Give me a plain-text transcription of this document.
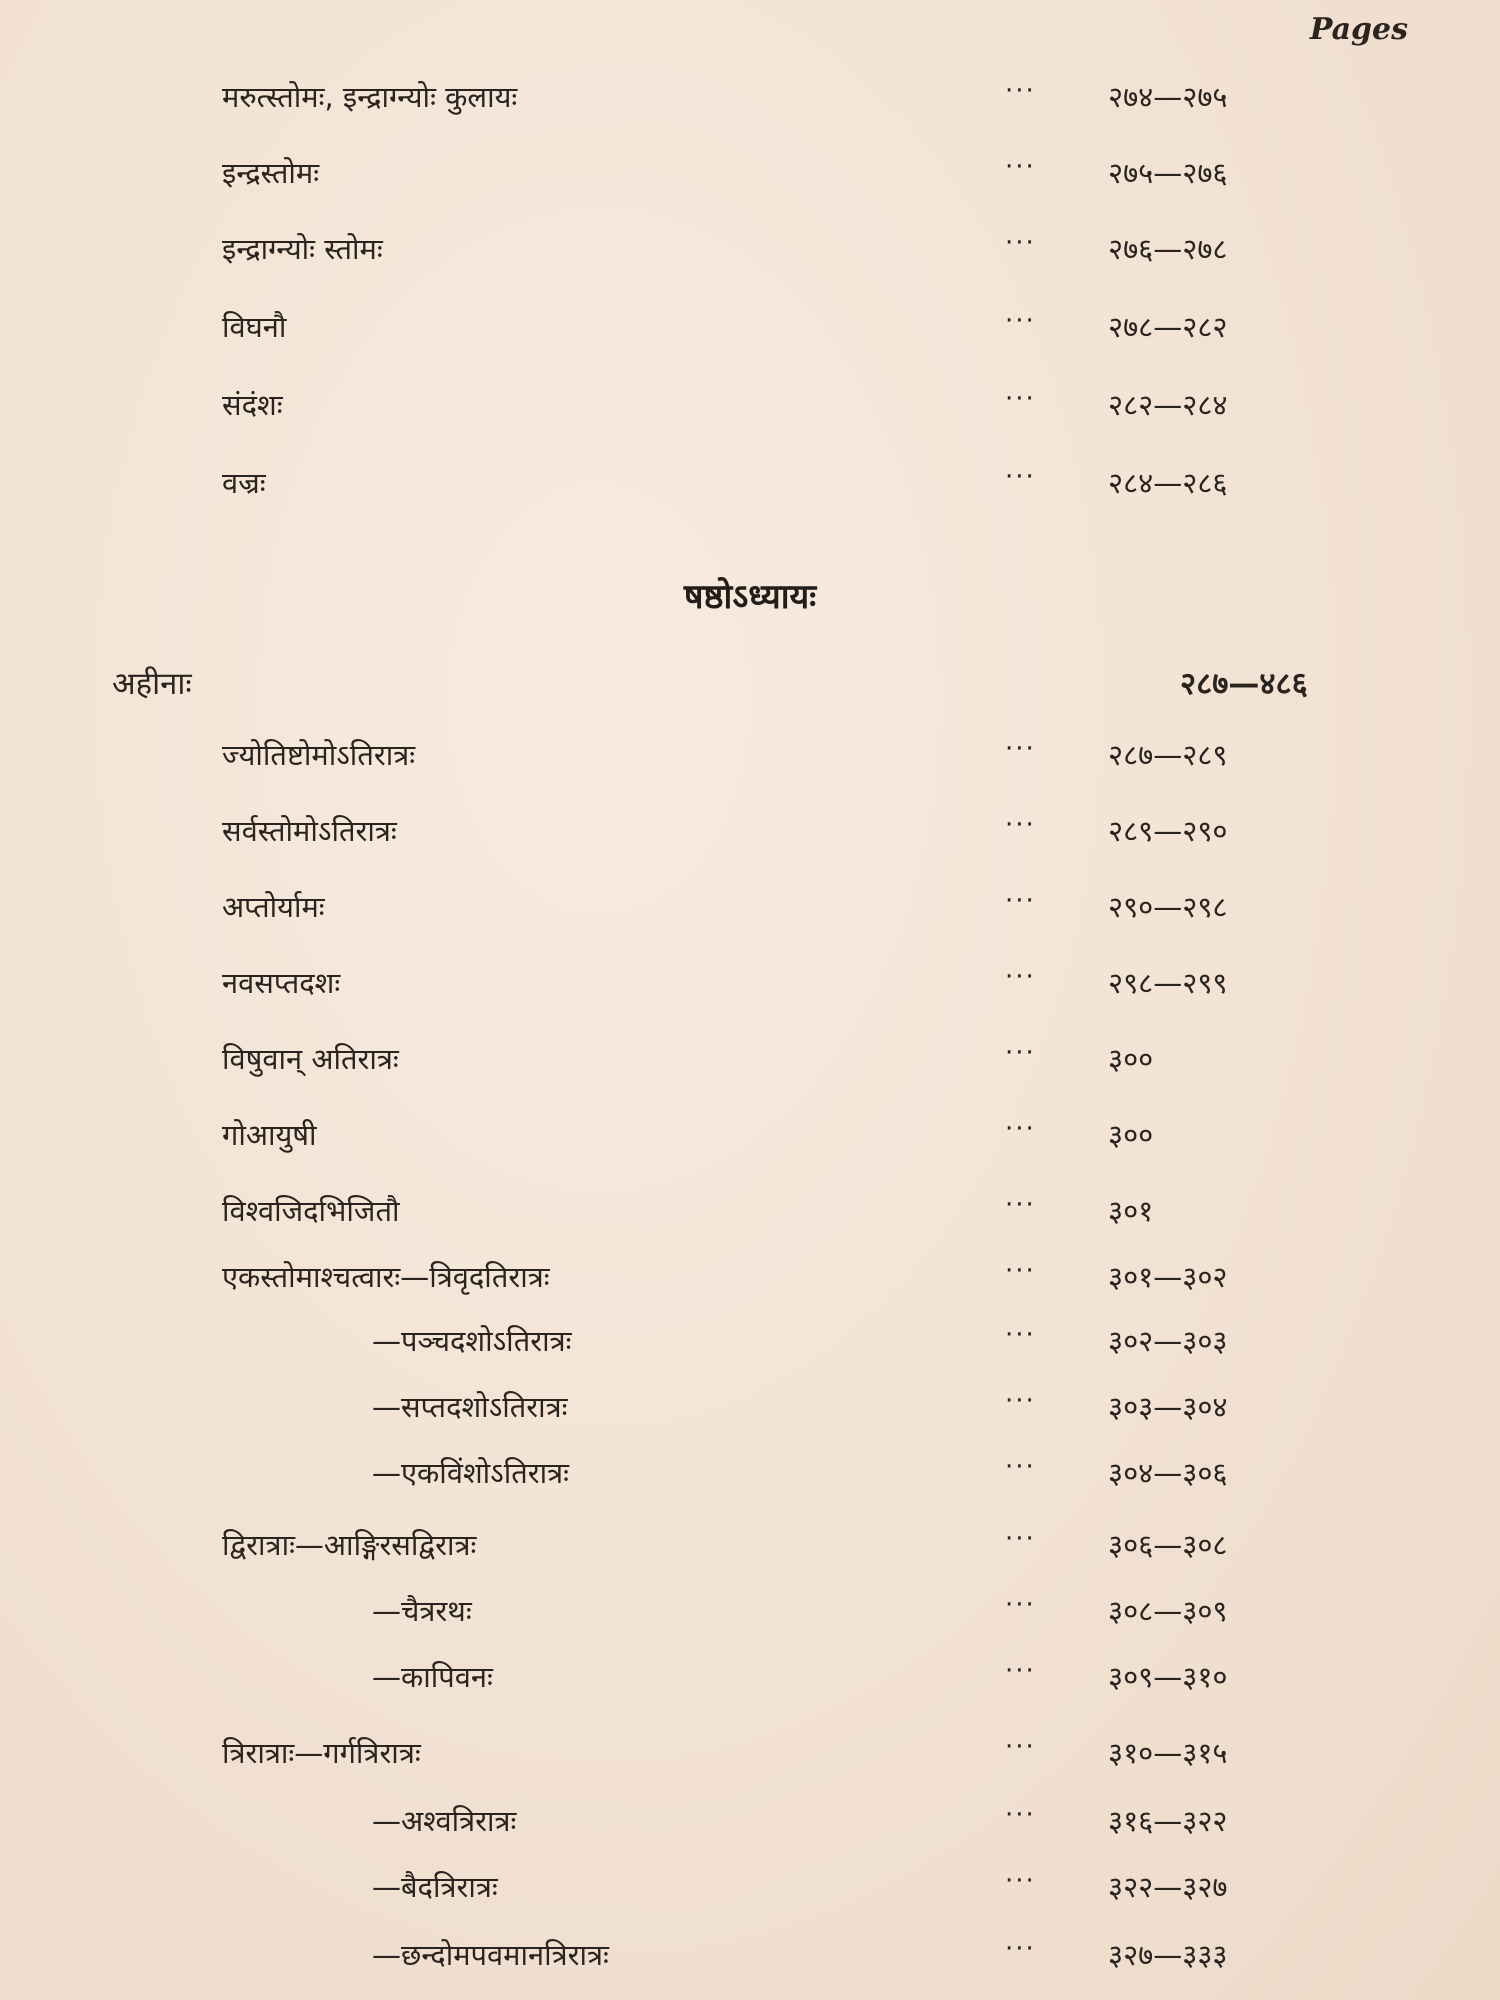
Pages
मरुत्स्तोमः, इन्द्राग्न्योः कुलायः	··· २७४—२७५
इन्द्रस्तोमः	··· २७५—२७६
इन्द्राग्न्योः स्तोमः	··· २७६—२७८
विघनौ	··· २७८—२८२
संदंशः	··· २८२—२८४
वज्रः	··· २८४—२८६
षष्ठोऽध्यायः
अहीनाः	२८७—४८६
ज्योतिष्टोमोऽतिरात्रः	··· २८७—२८९
सर्वस्तोमोऽतिरात्रः	··· २८९—२९०
अप्तोर्यामः	··· २९०—२९८
नवसप्तदशः	··· २९८—२९९
विषुवान् अतिरात्रः	··· ३००
गोआयुषी	··· ३००
विश्वजिदभिजितौ	··· ३०१
एकस्तोमाश्चत्वारः—त्रिवृदतिरात्रः	··· ३०१—३०२
—पञ्चदशोऽतिरात्रः	··· ३०२—३०३
—सप्तदशोऽतिरात्रः	··· ३०३—३०४
—एकविंशोऽतिरात्रः	··· ३०४—३०६
द्विरात्राः—आङ्गिरसद्विरात्रः	··· ३०६—३०८
—चैत्ररथः	··· ३०८—३०९
—कापिवनः	··· ३०९—३१०
त्रिरात्राः—गर्गत्रिरात्रः	··· ३१०—३१५
—अश्वत्रिरात्रः	··· ३१६—३२२
—बैदत्रिरात्रः	··· ३२२—३२७
—छन्दोमपवमानत्रिरात्रः	··· ३२७—३३३
